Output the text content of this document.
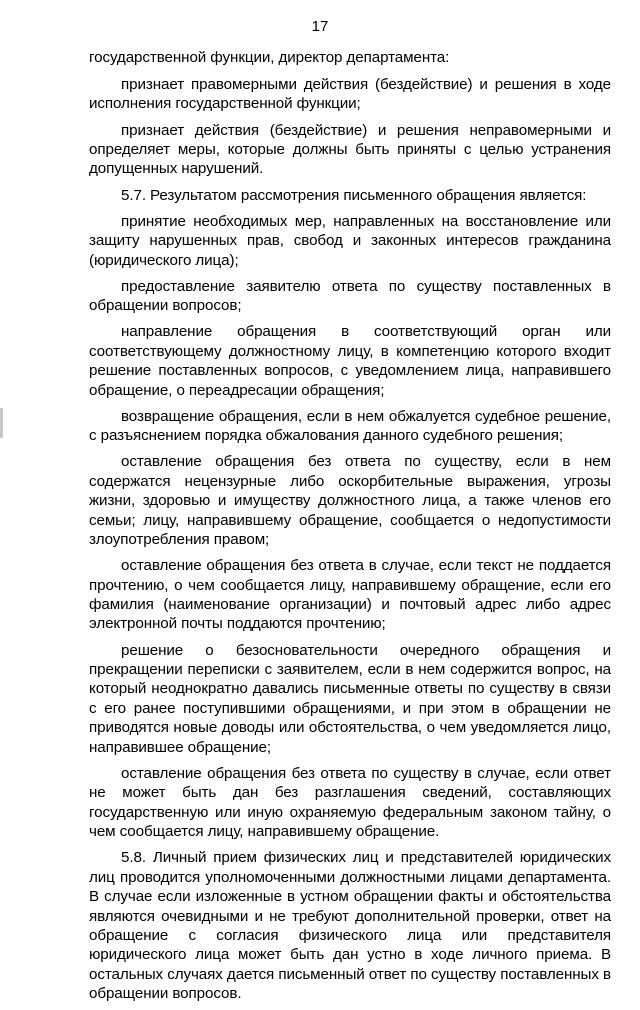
17

государственной функции, директор департамента:

признает правомерными действия (бездействие) и решения в ходе исполнения государственной функции;

признает действия (бездействие) и решения неправомерными и определяет меры, которые должны быть приняты с целью устранения допущенных нарушений.

5.7. Результатом рассмотрения письменного обращения является:

принятие необходимых мер, направленных на восстановление или защиту нарушенных прав, свобод и законных интересов гражданина (юридического лица);

предоставление заявителю ответа по существу поставленных в обращении вопросов;

направление обращения в соответствующий орган или соответствующему должностному лицу, в компетенцию которого входит решение поставленных вопросов, с уведомлением лица, направившего обращение, о переадресации обращения;

возвращение обращения, если в нем обжалуется судебное решение, с разъяснением порядка обжалования данного судебного решения;

оставление обращения без ответа по существу, если в нем содержатся нецензурные либо оскорбительные выражения, угрозы жизни, здоровью и имуществу должностного лица, а также членов его семьи; лицу, направившему обращение, сообщается о недопустимости злоупотребления правом;

оставление обращения без ответа в случае, если текст не поддается прочтению, о чем сообщается лицу, направившему обращение, если его фамилия (наименование организации) и почтовый адрес либо адрес электронной почты поддаются прочтению;

решение о безосновательности очередного обращения и прекращении переписки с заявителем, если в нем содержится вопрос, на который неоднократно давались письменные ответы по существу в связи с его ранее поступившими обращениями, и при этом в обращении не приводятся новые доводы или обстоятельства, о чем уведомляется лицо, направившее обращение;

оставление обращения без ответа по существу в случае, если ответ не может быть дан без разглашения сведений, составляющих государственную или иную охраняемую федеральным законом тайну, о чем сообщается лицу, направившему обращение.

5.8. Личный прием физических лиц и представителей юридических лиц проводится уполномоченными должностными лицами департамента. В случае если изложенные в устном обращении факты и обстоятельства являются очевидными и не требуют дополнительной проверки, ответ на обращение с согласия физического лица или представителя юридического лица может быть дан устно в ходе личного приема. В остальных случаях дается письменный ответ по существу поставленных в обращении вопросов.
